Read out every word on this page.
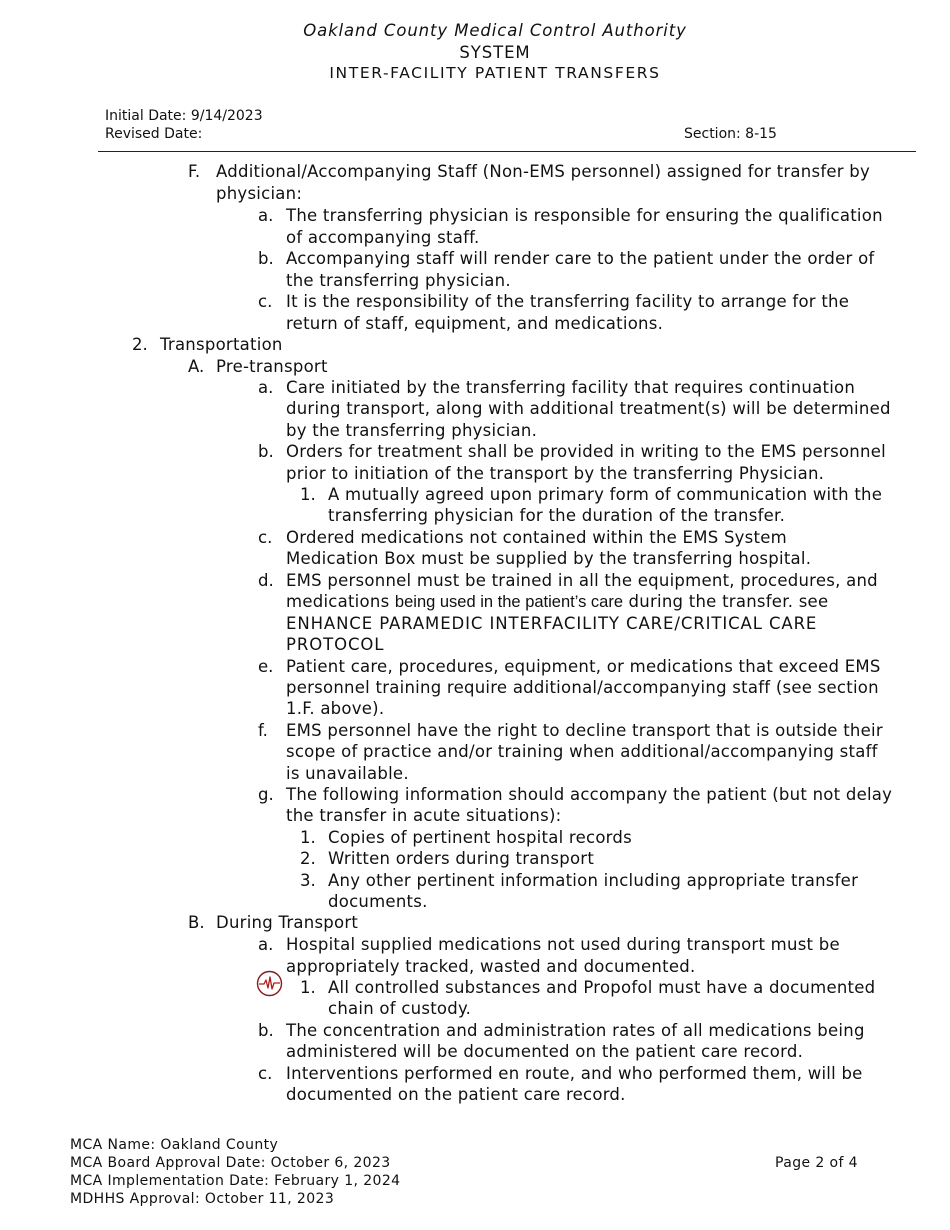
Oakland County Medical Control Authority
SYSTEM
INTER-FACILITY PATIENT TRANSFERS
Initial Date: 9/14/2023
Revised Date:	Section: 8-15
F. Additional/Accompanying Staff (Non-EMS personnel) assigned for transfer by
physician:
a. The transferring physician is responsible for ensuring the qualification
of accompanying staff.
b. Accompanying staff will render care to the patient under the order of
the transferring physician.
c. It is the responsibility of the transferring facility to arrange for the
return of staff, equipment, and medications.
2. Transportation
A. Pre-transport
a. Care initiated by the transferring facility that requires continuation
during transport, along with additional treatment(s) will be determined
by the transferring physician.
b. Orders for treatment shall be provided in writing to the EMS personnel
prior to initiation of the transport by the transferring Physician.
1. A mutually agreed upon primary form of communication with the
transferring physician for the duration of the transfer.
c. Ordered medications not contained within the EMS System
Medication Box must be supplied by the transferring hospital.
d. EMS personnel must be trained in all the equipment, procedures, and
medications being used in the patient’s care during the transfer. see
ENHANCE PARAMEDIC INTERFACILITY CARE/CRITICAL CARE
PROTOCOL
e. Patient care, procedures, equipment, or medications that exceed EMS
personnel training require additional/accompanying staff (see section
1.F. above).
f. EMS personnel have the right to decline transport that is outside their
scope of practice and/or training when additional/accompanying staff
is unavailable.
g. The following information should accompany the patient (but not delay
the transfer in acute situations):
1. Copies of pertinent hospital records
2. Written orders during transport
3. Any other pertinent information including appropriate transfer
documents.
B. During Transport
a. Hospital supplied medications not used during transport must be
appropriately tracked, wasted and documented.
1. All controlled substances and Propofol must have a documented
chain of custody.
b. The concentration and administration rates of all medications being
administered will be documented on the patient care record.
c. Interventions performed en route, and who performed them, will be
documented on the patient care record.
MCA Name: Oakland County
MCA Board Approval Date: October 6, 2023
MCA Implementation Date: February 1, 2024
MDHHS Approval: October 11, 2023
Page 2 of 4
